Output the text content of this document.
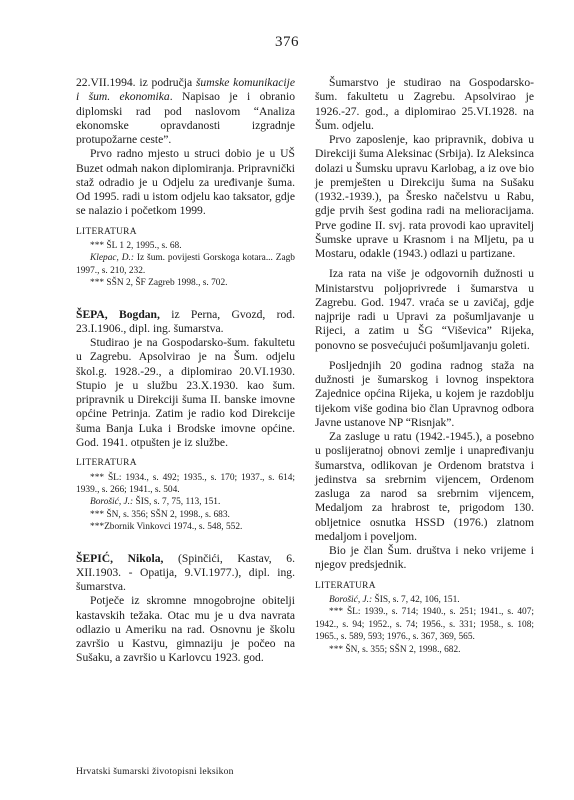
376

22.VII.1994. iz područja šumske komunikacije i šum. ekonomika. Napisao je i obranio diplomski rad pod naslovom “Analiza ekonomske opravdanosti izgradnje protupožarne ceste”.

Prvo radno mjesto u struci dobio je u UŠ Buzet odmah nakon diplomiranja. Pripravnički staž odradio je u Odjelu za uređivanje šuma. Od 1995. radi u istom odjelu kao taksator, gdje se nalazio i početkom 1999.

LITERATURA

*** ŠL 1 2, 1995., s. 68.

Klepac, D.: Iz šum. povijesti Gorskoga kotara... Zagb 1997., s. 210, 232.

*** SŠN 2, ŠF Zagreb 1998., s. 702.

ŠEPA, Bogdan, iz Perna, Gvozd, rod. 23.I.1906., dipl. ing. šumarstva.

Studirao je na Gospodarsko-šum. fakultetu u Zagrebu. Apsolvirao je na Šum. odjelu škol.g. 1928.-29., a diplomirao 20.VI.1930. Stupio je u službu 23.X.1930. kao šum. pripravnik u Direkciji šuma II. banske imovne općine Petrinja. Zatim je radio kod Direkcije šuma Banja Luka i Brodske imovne općine. God. 1941. otpušten je iz službe.

LITERATURA

*** ŠL: 1934., s. 492; 1935., s. 170; 1937., s. 614; 1939., s. 266; 1941., s. 504.

Borošić, J.: ŠIS, s. 7, 75, 113, 151.

*** ŠN, s. 356; SŠN 2, 1998., s. 683.

***Zbornik Vinkovci 1974., s. 548, 552.

ŠEPIĆ, Nikola, (Spinčići, Kastav, 6. XII.1903. - Opatija, 9.VI.1977.), dipl. ing. šumarstva.

Potječe iz skromne mnogobrojne obitelji kastavskih težaka. Otac mu je u dva navrata odlazio u Ameriku na rad. Osnovnu je školu završio u Kastvu, gimnaziju je počeo na Sušaku, a završio u Karlovcu 1923. god.

Šumarstvo je studirao na Gospodarsko-šum. fakultetu u Zagrebu. Apsolvirao je 1926.-27. god., a diplomirao 25.VI.1928. na Šum. odjelu.

Prvo zaposlenje, kao pripravnik, dobiva u Direkciji šuma Aleksinac (Srbija). Iz Aleksinca dolazi u Šumsku upravu Karlobag, a iz ove bio je premješten u Direkciju šuma na Sušaku (1932.-1939.), pa Šresko načelstvu u Rabu, gdje prvih šest godina radi na melioracijama. Prve godine II. svj. rata provodi kao upravitelj Šumske uprave u Krasnom i na Mljetu, pa u Mostaru, odakle (1943.) odlazi u partizane.

Iza rata na više je odgovornih dužnosti u Ministarstvu poljoprivrede i šumarstva u Zagrebu. God. 1947. vraća se u zavičaj, gdje najprije radi u Upravi za pošumljavanje u Rijeci, a zatim u ŠG “Viševica” Rijeka, ponovno se posvećujući pošumljavanju goleti.

Posljednjih 20 godina radnog staža na dužnosti je šumarskog i lovnog inspektora Zajednice općina Rijeka, u kojem je razdoblju tijekom više godina bio član Upravnog odbora Javne ustanove NP “Risnjak”.

Za zasluge u ratu (1942.-1945.), a posebno u poslijeratnoj obnovi zemlje i unapređivanju šumarstva, odlikovan je Ordenom bratstva i jedinstva sa srebrnim vijencem, Ordenom zasluga za narod sa srebrnim vijencem, Medaljom za hrabrost te, prigodom 130. obljetnice osnutka HSSD (1976.) zlatnom medaljom i poveljom.

Bio je član Šum. društva i neko vrijeme i njegov predsjednik.

LITERATURA

Borošić, J.: ŠIS, s. 7, 42, 106, 151.

*** ŠL: 1939., s. 714; 1940., s. 251; 1941., s. 407; 1942., s. 94; 1952., s. 74; 1956., s. 331; 1958., s. 108; 1965., s. 589, 593; 1976., s. 367, 369, 565.

*** ŠN, s. 355; SŠN 2, 1998., 682.

Hrvatski šumarski životopisni leksikon
